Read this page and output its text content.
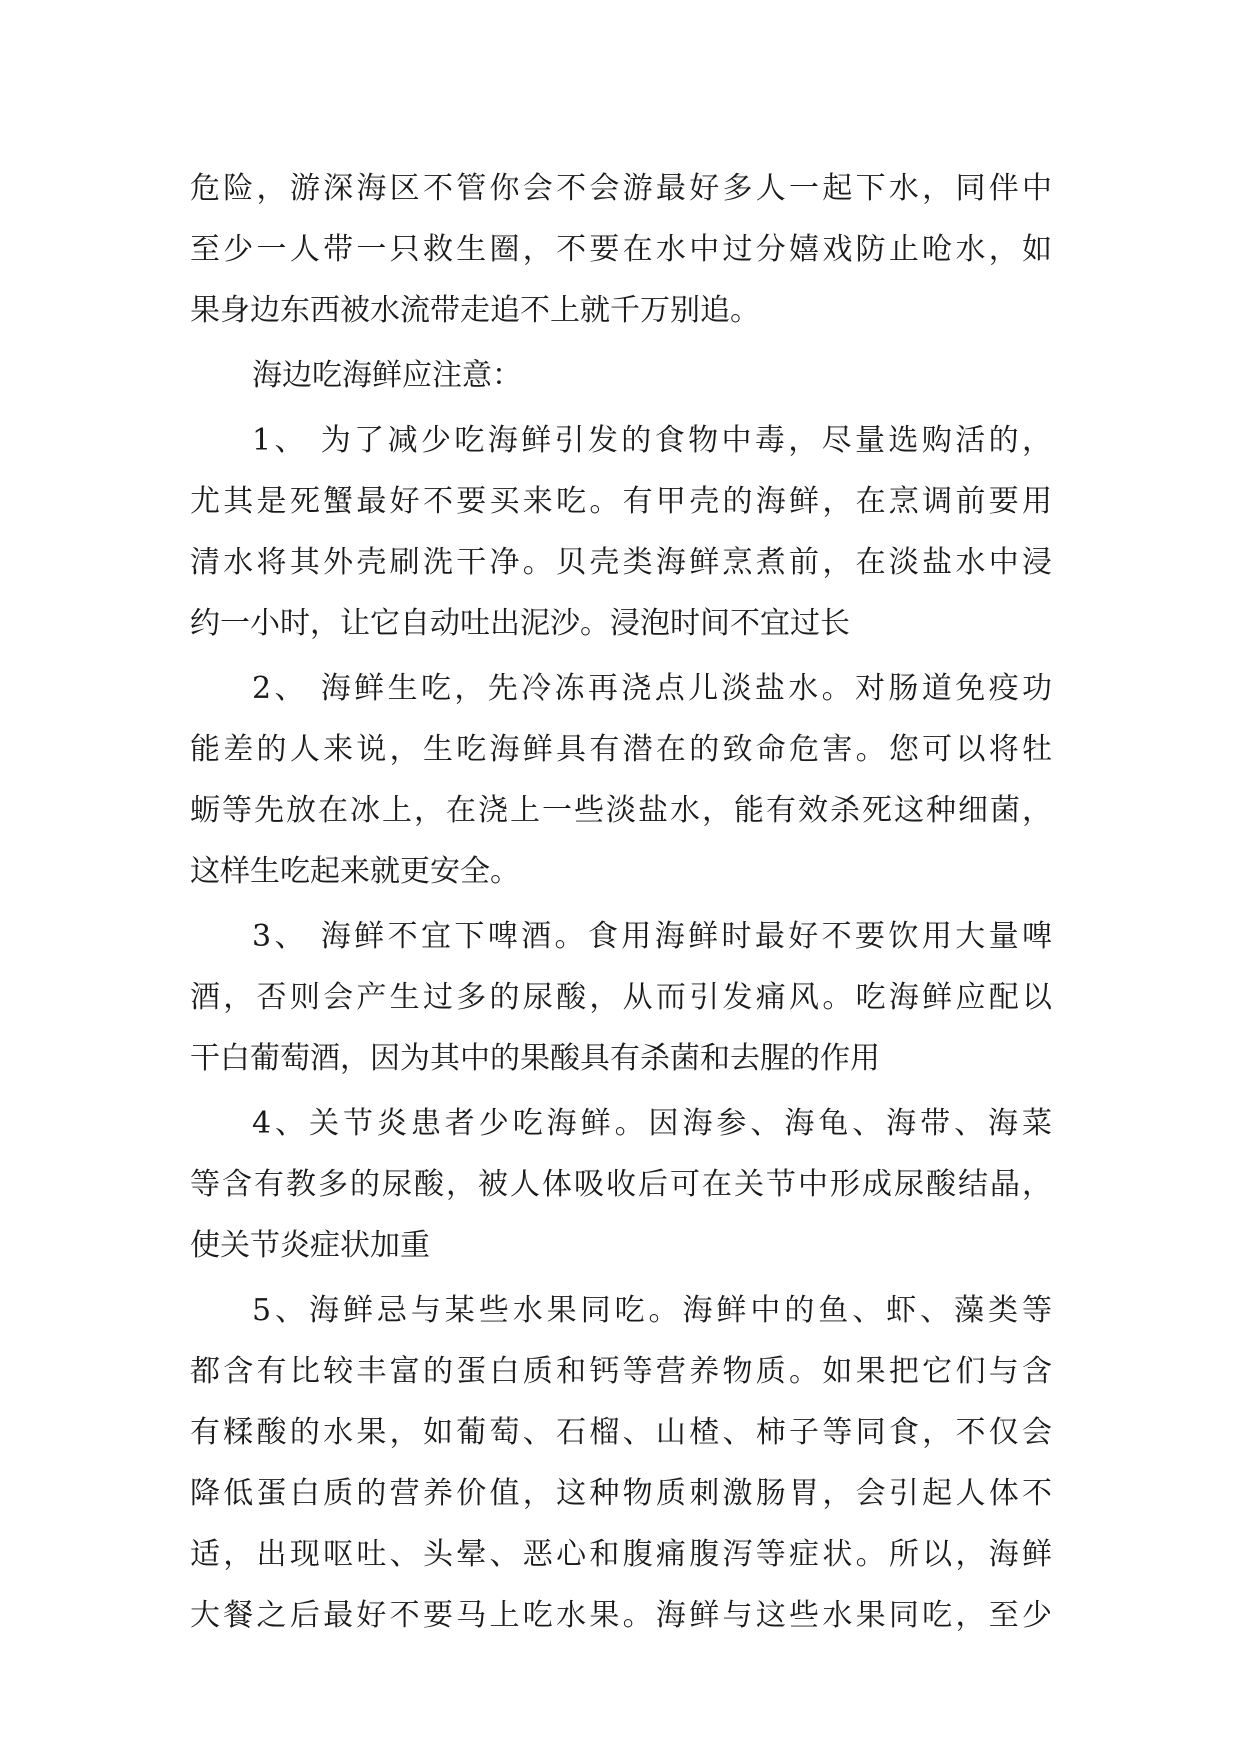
危险，游深海区不管你会不会游最好多人一起下水，同伴中
至少一人带一只救生圈，不要在水中过分嬉戏防止呛水，如
果身边东西被水流带走追不上就千万别追。
海边吃海鲜应注意：
1、 为了减少吃海鲜引发的食物中毒，尽量选购活的，
尤其是死蟹最好不要买来吃。有甲壳的海鲜，在烹调前要用
清水将其外壳刷洗干净。贝壳类海鲜烹煮前，在淡盐水中浸
约一小时，让它自动吐出泥沙。浸泡时间不宜过长
2、 海鲜生吃，先冷冻再浇点儿淡盐水。对肠道免疫功
能差的人来说，生吃海鲜具有潜在的致命危害。您可以将牡
蛎等先放在冰上，在浇上一些淡盐水，能有效杀死这种细菌，
这样生吃起来就更安全。
3、 海鲜不宜下啤酒。食用海鲜时最好不要饮用大量啤
酒，否则会产生过多的尿酸，从而引发痛风。吃海鲜应配以
干白葡萄酒，因为其中的果酸具有杀菌和去腥的作用
4、关节炎患者少吃海鲜。因海参、海龟、海带、海菜
等含有教多的尿酸，被人体吸收后可在关节中形成尿酸结晶，
使关节炎症状加重
5、海鲜忌与某些水果同吃。海鲜中的鱼、虾、藻类等
都含有比较丰富的蛋白质和钙等营养物质。如果把它们与含
有糅酸的水果，如葡萄、石榴、山楂、柿子等同食，不仅会
降低蛋白质的营养价值，这种物质刺激肠胃，会引起人体不
适，出现呕吐、头晕、恶心和腹痛腹泻等症状。所以，海鲜
大餐之后最好不要马上吃水果。海鲜与这些水果同吃，至少
